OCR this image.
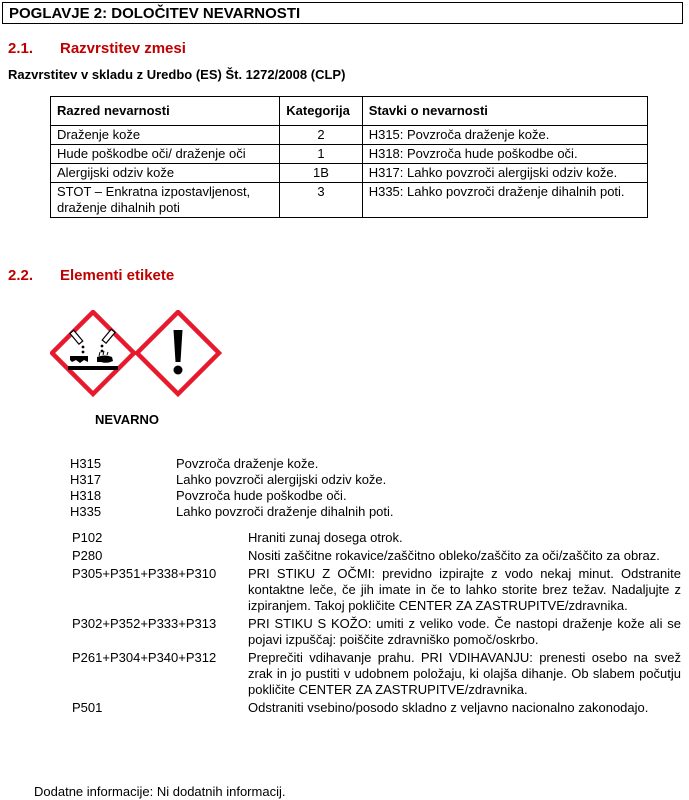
POGLAVJE 2: DOLOČITEV NEVARNOSTI
2.1. Razvrstitev zmesi
Razvrstitev v skladu z Uredbo (ES) Št. 1272/2008 (CLP)
Razred nevarnosti	Kategorija	Stavki o nevarnosti
Draženje kože	2	H315: Povzroča draženje kože.
Hude poškodbe oči/ draženje oči	1	H318: Povzroča hude poškodbe oči.
Alergijski odziv kože	1B	H317: Lahko povzroči alergijski odziv kože.
STOT – Enkratna izpostavljenost, draženje dihalnih poti	3	H335: Lahko povzroči draženje dihalnih poti.
2.2. Elementi etikete
NEVARNO
H315	Povzroča draženje kože.
H317	Lahko povzroči alergijski odziv kože.
H318	Povzroča hude poškodbe oči.
H335	Lahko povzroči draženje dihalnih poti.
P102	Hraniti zunaj dosega otrok.
P280	Nositi zaščitne rokavice/zaščitno obleko/zaščito za oči/zaščito za obraz.
P305+P351+P338+P310	PRI STIKU Z OČMI: previdno izpirajte z vodo nekaj minut. Odstranite kontaktne leče, če jih imate in če to lahko storite brez težav. Nadaljujte z izpiranjem. Takoj pokličite CENTER ZA ZASTRUPITVE/zdravnika.
P302+P352+P333+P313	PRI STIKU S KOŽO: umiti z veliko vode. Če nastopi draženje kože ali se pojavi izpuščaj: poiščite zdravniško pomoč/oskrbo.
P261+P304+P340+P312	Preprečiti vdihavanje prahu. PRI VDIHAVANJU: prenesti osebo na svež zrak in jo pustiti v udobnem položaju, ki olajša dihanje. Ob slabem počutju pokličite CENTER ZA ZASTRUPITVE/zdravnika.
P501	Odstraniti vsebino/posodo skladno z veljavno nacionalno zakonodajo.
Dodatne informacije: Ni dodatnih informacij.
